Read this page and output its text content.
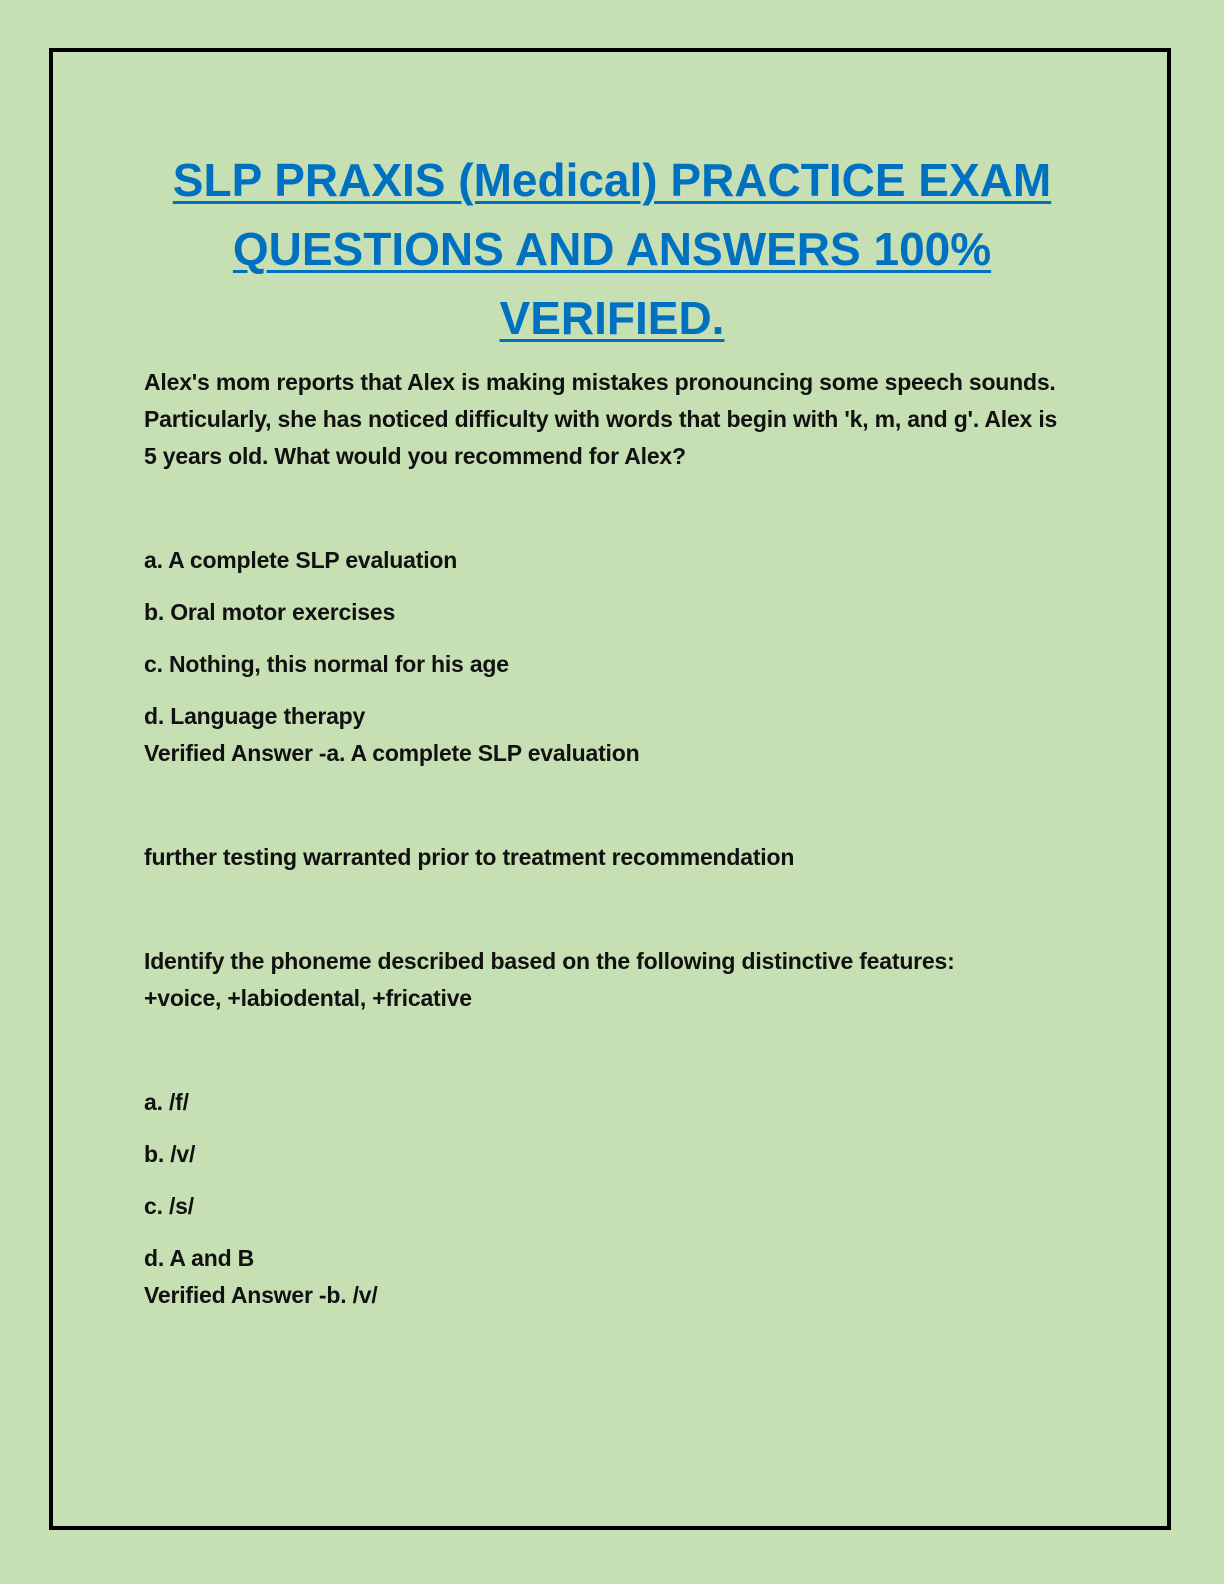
SLP PRAXIS (Medical) PRACTICE EXAM
QUESTIONS AND ANSWERS 100%
VERIFIED.

Alex's mom reports that Alex is making mistakes pronouncing some speech sounds. Particularly, she has noticed difficulty with words that begin with 'k, m, and g'. Alex is 5 years old. What would you recommend for Alex?

a. A complete SLP evaluation

b. Oral motor exercises

c. Nothing, this normal for his age

d. Language therapy

Verified Answer -a. A complete SLP evaluation

further testing warranted prior to treatment recommendation

Identify the phoneme described based on the following distinctive features:

+voice, +labiodental, +fricative

a. /f/

b. /v/

c. /s/

d. A and B

Verified Answer -b. /v/
